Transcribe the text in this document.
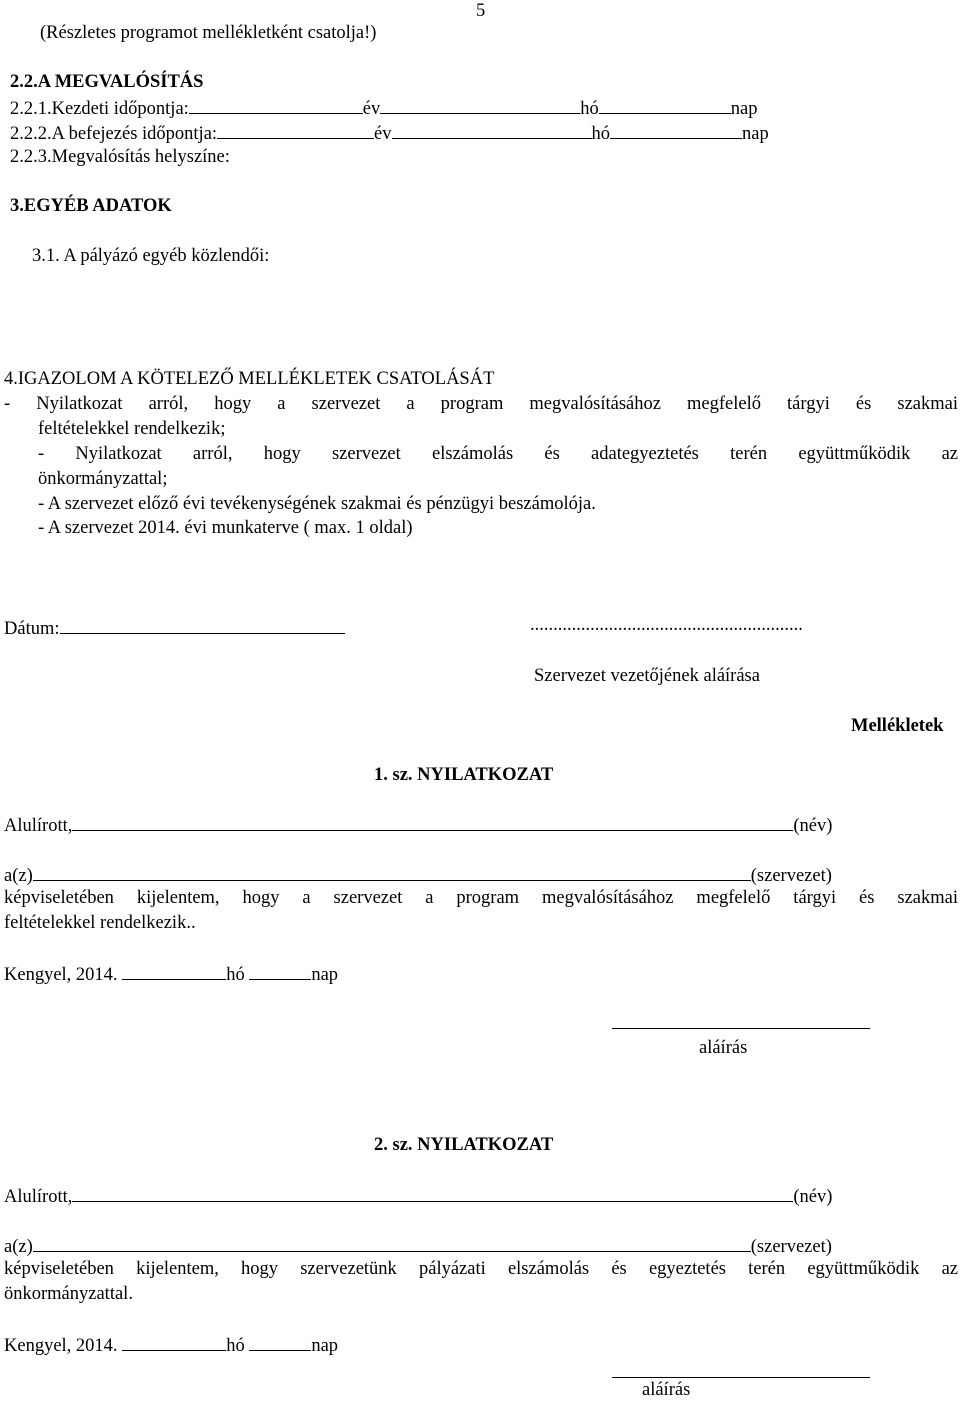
5
(Részletes programot mellékletként csatolja!)
2.2.A MEGVALÓSÍTÁS
2.2.1.Kezdeti időpontja:	év	hó	nap
2.2.2.A befejezés időpontja:	év	hó	nap
2.2.3.Megvalósítás helyszíne:
3.EGYÉB ADATOK
3.1. A pályázó egyéb közlendői:
4.IGAZOLOM A KÖTELEZŐ MELLÉKLETEK CSATOLÁSÁT
- Nyilatkozat arról, hogy a szervezet a program megvalósításához megfelelő tárgyi és szakmai
feltételekkel rendelkezik;
- Nyilatkozat arról, hogy szervezet elszámolás és adategyeztetés terén együttműködik az
önkormányzattal;
- A szervezet előző évi tevékenységének szakmai és pénzügyi beszámolója.
- A szervezet 2014. évi munkaterve ( max. 1 oldal)
Dátum:	...........................................................
Szervezet vezetőjének aláírása
Mellékletek
1. sz. NYILATKOZAT
Alulírott,	(név)
a(z)	(szervezet)
képviseletében kijelentem, hogy a szervezet a program megvalósításához megfelelő tárgyi és szakmai
feltételekkel rendelkezik..
Kengyel, 2014.	hó	nap
aláírás
2. sz. NYILATKOZAT
Alulírott,	(név)
a(z)	(szervezet)
képviseletében kijelentem, hogy szervezetünk pályázati elszámolás és egyeztetés terén együttműködik az
önkormányzattal.
Kengyel, 2014.	hó	nap
aláírás
